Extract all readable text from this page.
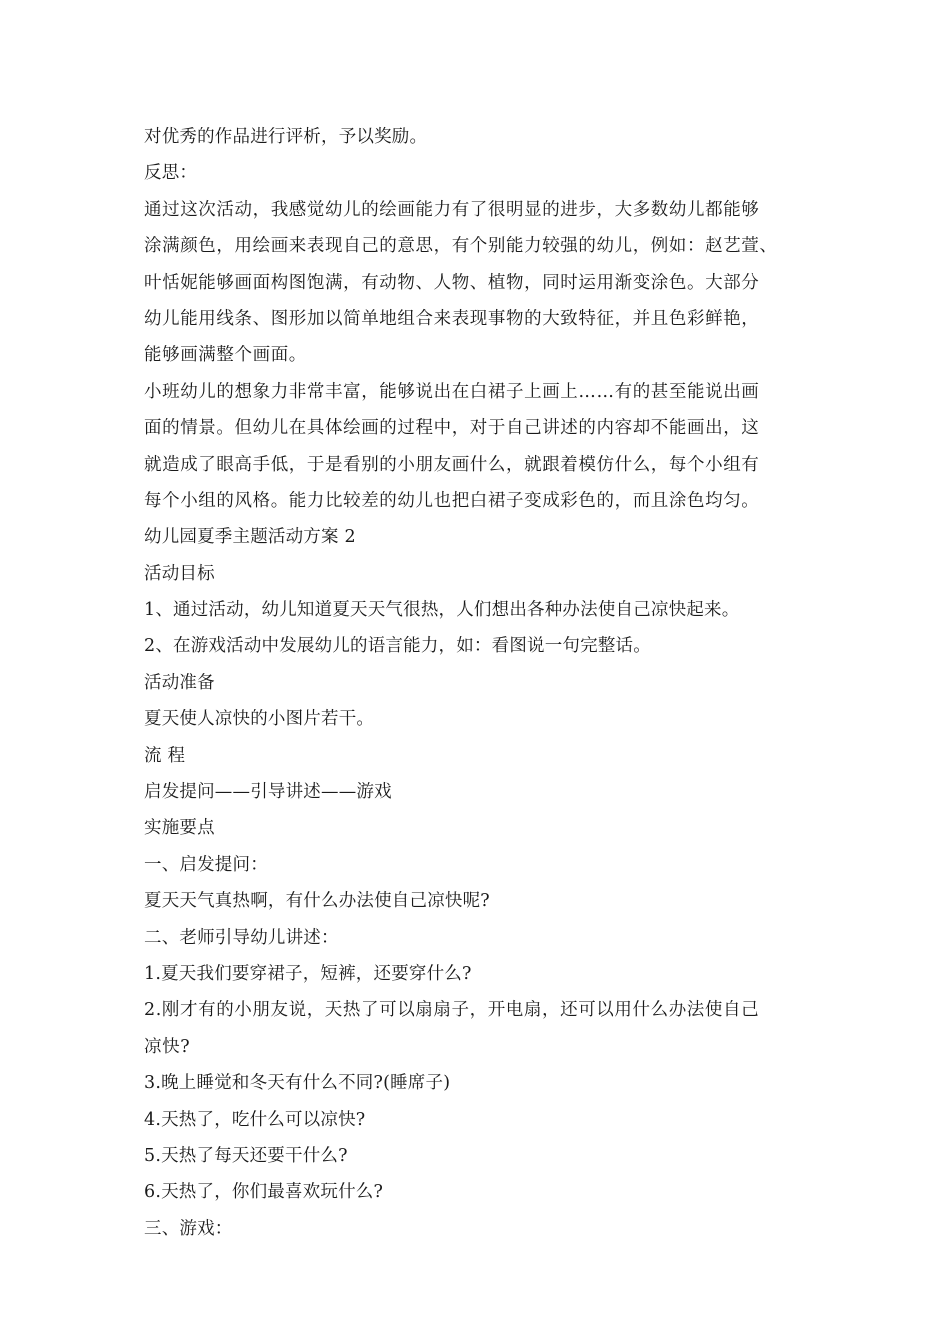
对优秀的作品进行评析，予以奖励。
反思：
通过这次活动，我感觉幼儿的绘画能力有了很明显的进步，大多数幼儿都能够
涂满颜色，用绘画来表现自己的意思，有个别能力较强的幼儿，例如：赵艺萱、
叶恬妮能够画面构图饱满，有动物、人物、植物，同时运用渐变涂色。大部分
幼儿能用线条、图形加以简单地组合来表现事物的大致特征，并且色彩鲜艳，
能够画满整个画面。
小班幼儿的想象力非常丰富，能够说出在白裙子上画上……有的甚至能说出画
面的情景。但幼儿在具体绘画的过程中，对于自己讲述的内容却不能画出，这
就造成了眼高手低，于是看别的小朋友画什么，就跟着模仿什么，每个小组有
每个小组的风格。能力比较差的幼儿也把白裙子变成彩色的，而且涂色均匀。
幼儿园夏季主题活动方案 2
活动目标
1、通过活动，幼儿知道夏天天气很热，人们想出各种办法使自己凉快起来。
2、在游戏活动中发展幼儿的语言能力，如：看图说一句完整话。
活动准备
夏天使人凉快的小图片若干。
流 程
启发提问——引导讲述——游戏
实施要点
一、启发提问：
夏天天气真热啊，有什么办法使自己凉快呢?
二、老师引导幼儿讲述：
1.夏天我们要穿裙子，短裤，还要穿什么?
2.刚才有的小朋友说，天热了可以扇扇子，开电扇，还可以用什么办法使自己
凉快?
3.晚上睡觉和冬天有什么不同?(睡席子)
4.天热了，吃什么可以凉快?
5.天热了每天还要干什么?
6.天热了，你们最喜欢玩什么?
三、游戏：
